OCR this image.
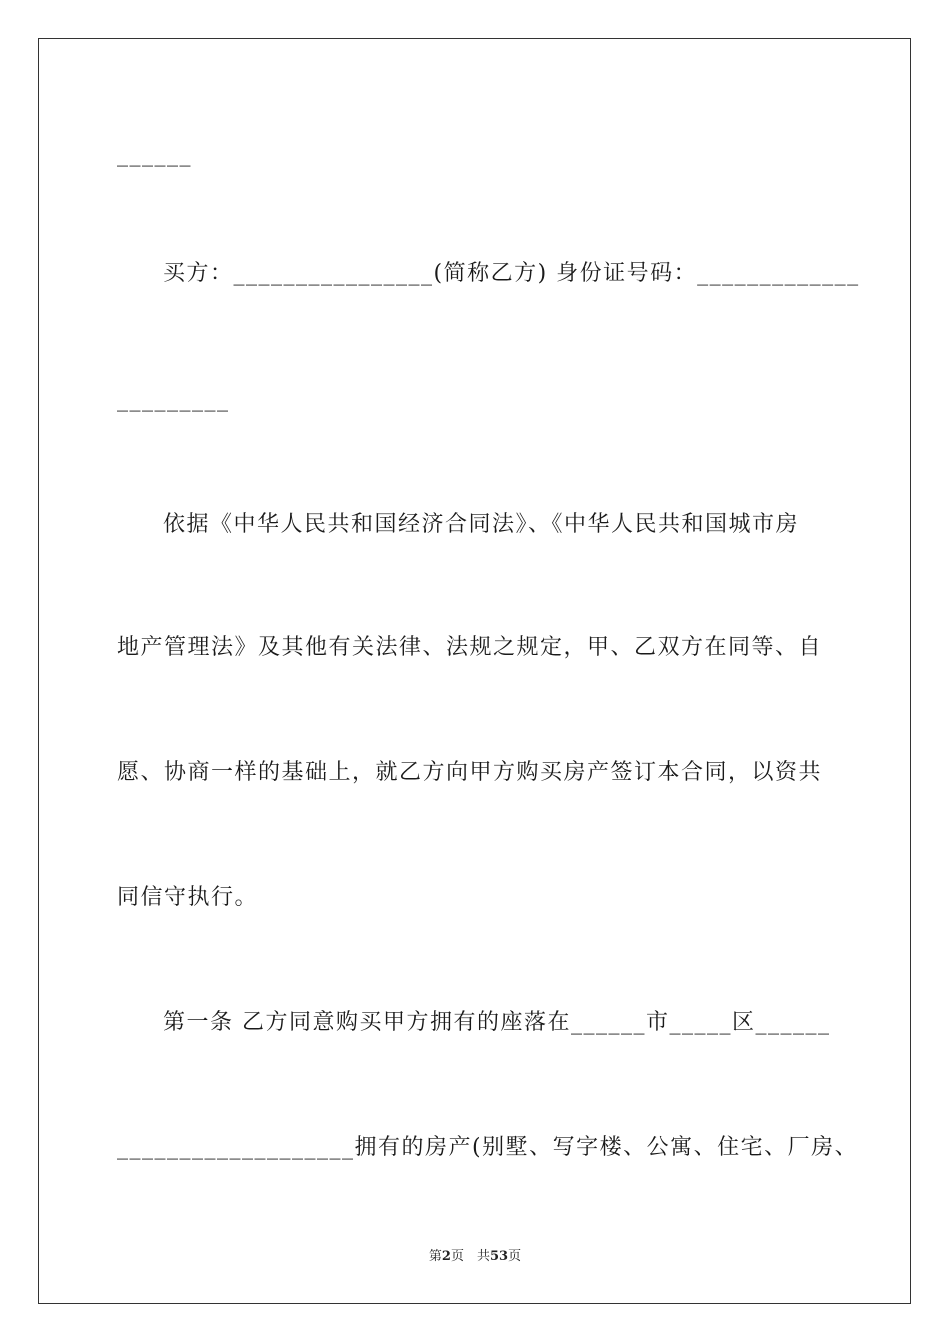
______
买方：________________(简称乙方) 身份证号码：_____________
_________
依据《中华人民共和国经济合同法》、《中华人民共和国城市房
地产管理法》及其他有关法律、法规之规定，甲、乙双方在同等、自
愿、协商一样的基础上，就乙方向甲方购买房产签订本合同，以资共
同信守执行。
第一条 乙方同意购买甲方拥有的座落在______市_____区______
___________________拥有的房产(别墅、写字楼、公寓、住宅、厂房、
第2页　共53页
